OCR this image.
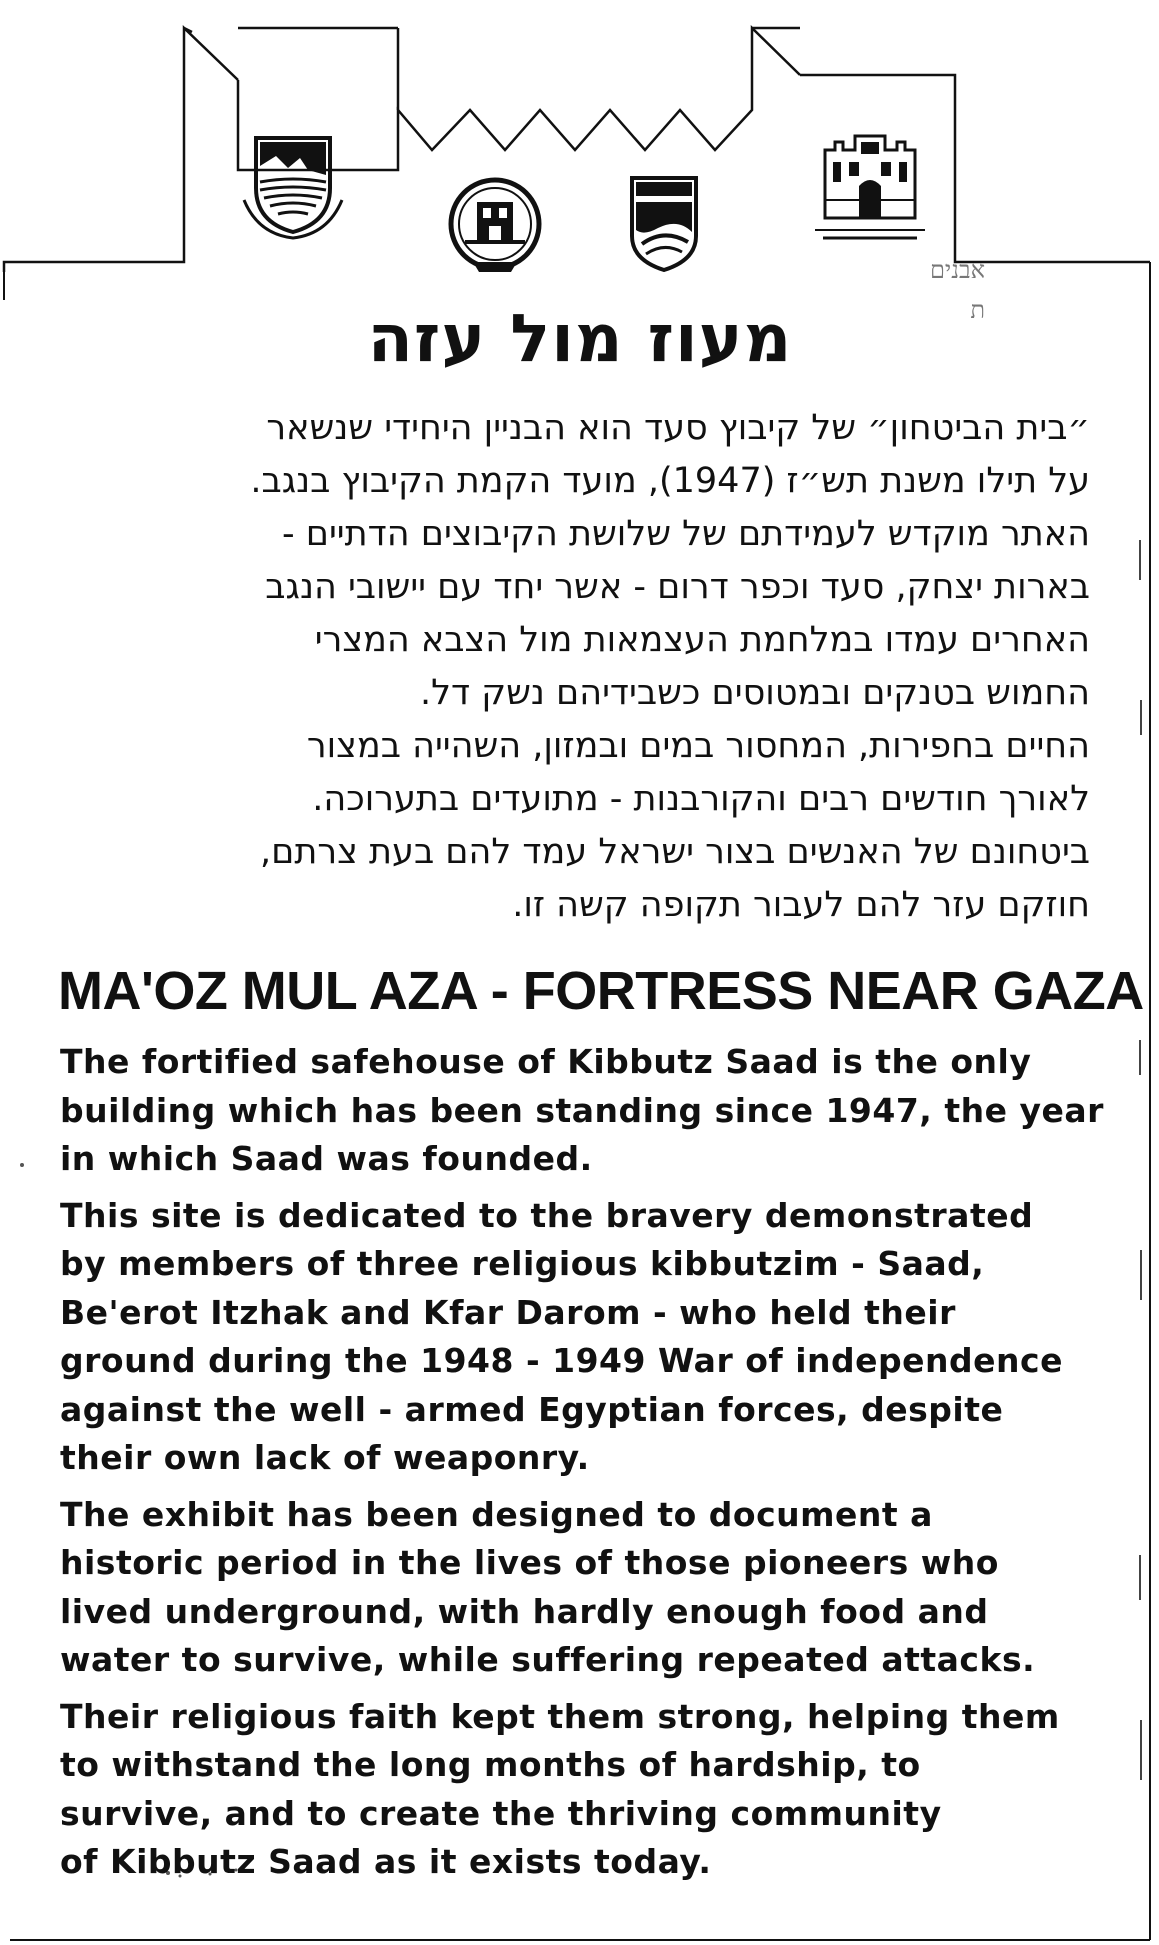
אבנים
ת
מעוז מול עזה
״בית הביטחון״ של קיבוץ סעד הוא הבניין היחידי שנשאר
על תילו משנת תש״ז (1947), מועד הקמת הקיבוץ בנגב.
האתר מוקדש לעמידתם של שלושת הקיבוצים הדתיים -
בארות יצחק, סעד וכפר דרום - אשר יחד עם יישובי הנגב
האחרים עמדו במלחמת העצמאות מול הצבא המצרי
החמוש בטנקים ובמטוסים כשבידיהם נשק דל.
החיים בחפירות, המחסור במים ובמזון, השהייה במצור
לאורך חודשים רבים והקורבנות - מתועדים בתערוכה.
ביטחונם של האנשים בצור ישראל עמד להם בעת צרתם,
חוזקם עזר להם לעבור תקופה קשה זו.
MA'OZ MUL AZA - FORTRESS NEAR GAZA

The fortified safehouse of Kibbutz Saad is the only
building which has been standing since 1947, the year
in which Saad was founded.

This site is dedicated to the bravery demonstrated
by members of three religious kibbutzim - Saad,
Be'erot Itzhak and Kfar Darom - who held their
ground during the 1948 - 1949 War of independence
against the well - armed Egyptian forces, despite
their own lack of weaponry.

The exhibit has been designed to document a
historic period in the lives of those pioneers who
lived underground, with hardly enough food and
water to survive, while suffering repeated attacks.

Their religious faith kept them strong, helping them
to withstand the long months of hardship, to
survive, and to create the thriving community
of Kibbutz Saad as it exists today.
